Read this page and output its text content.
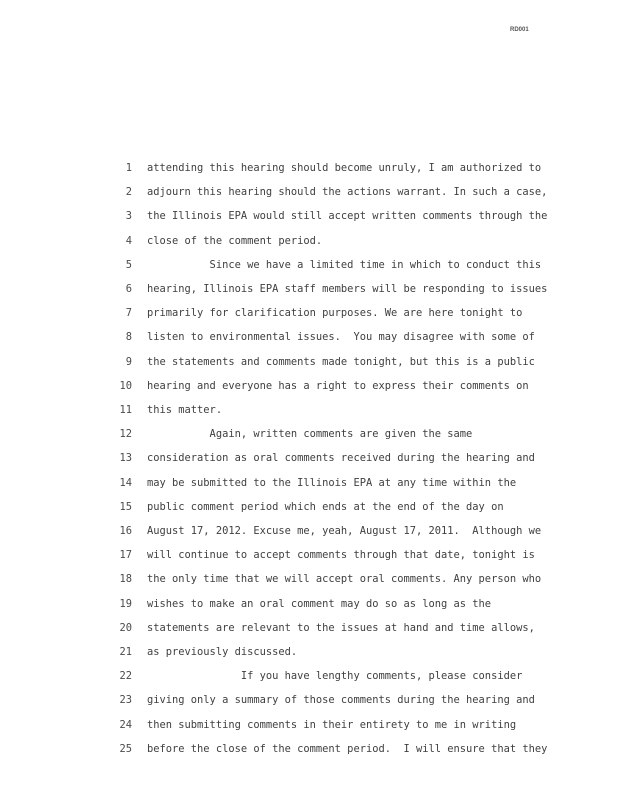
RD001
1 attending this hearing should become unruly, I am authorized to
2 adjourn this hearing should the actions warrant. In such a case,
3 the Illinois EPA would still accept written comments through the
4 close of the comment period.
5 Since we have a limited time in which to conduct this
6 hearing, Illinois EPA staff members will be responding to issues
7 primarily for clarification purposes. We are here tonight to
8 listen to environmental issues.  You may disagree with some of
9 the statements and comments made tonight, but this is a public
10 hearing and everyone has a right to express their comments on
11 this matter.
12 Again, written comments are given the same
13 consideration as oral comments received during the hearing and
14 may be submitted to the Illinois EPA at any time within the
15 public comment period which ends at the end of the day on
16 August 17, 2012. Excuse me, yeah, August 17, 2011.  Although we
17 will continue to accept comments through that date, tonight is
18 the only time that we will accept oral comments. Any person who
19 wishes to make an oral comment may do so as long as the
20 statements are relevant to the issues at hand and time allows,
21 as previously discussed.
22 If you have lengthy comments, please consider
23 giving only a summary of those comments during the hearing and
24 then submitting comments in their entirety to me in writing
25 before the close of the comment period.  I will ensure that they
